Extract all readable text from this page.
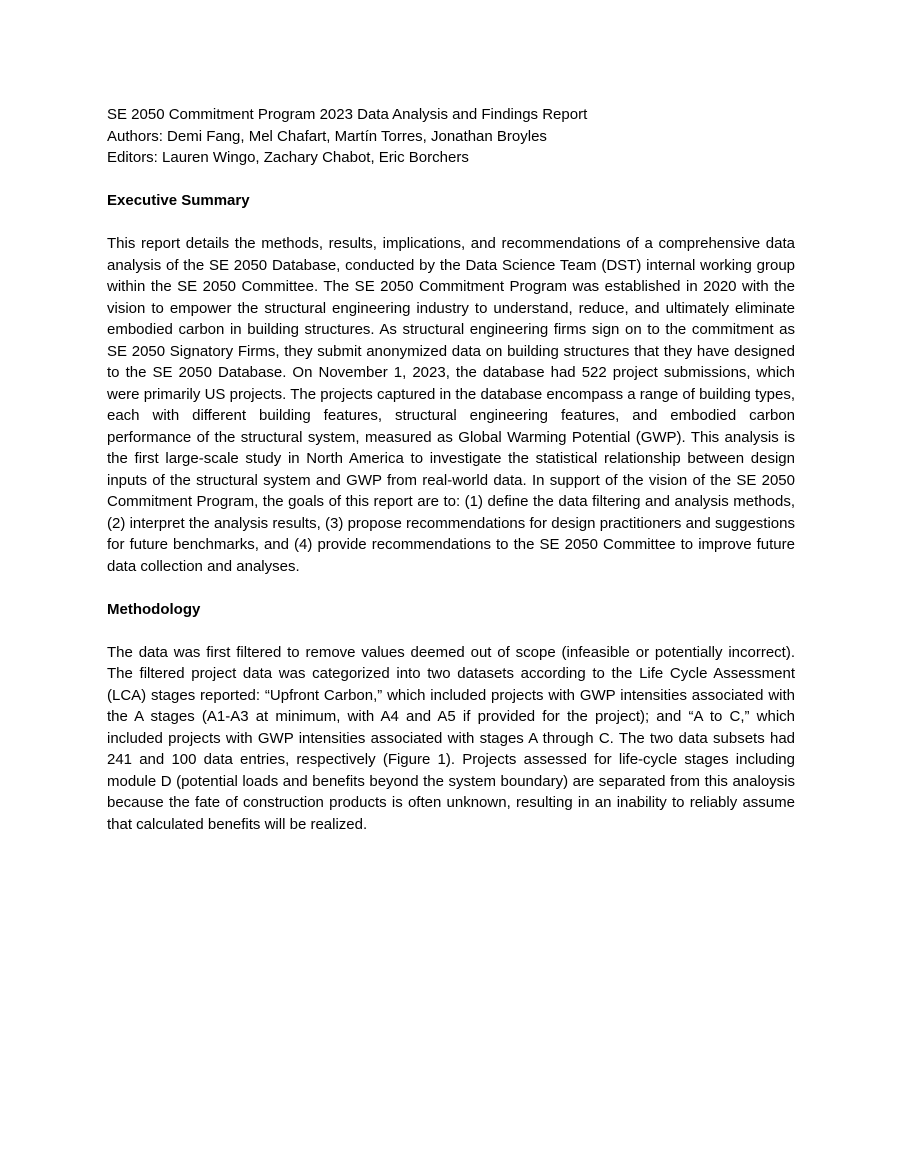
SE 2050 Commitment Program 2023 Data Analysis and Findings Report

Authors: Demi Fang, Mel Chafart, Martín Torres, Jonathan Broyles

Editors: Lauren Wingo, Zachary Chabot, Eric Borchers

Executive Summary

This report details the methods, results, implications, and recommendations of a comprehensive data analysis of the SE 2050 Database, conducted by the Data Science Team (DST) internal working group within the SE 2050 Committee. The SE 2050 Commitment Program was established in 2020 with the vision to empower the structural engineering industry to understand, reduce, and ultimately eliminate embodied carbon in building structures. As structural engineering firms sign on to the commitment as SE 2050 Signatory Firms, they submit anonymized data on building structures that they have designed to the SE 2050 Database. On November 1, 2023, the database had 522 project submissions, which were primarily US projects. The projects captured in the database encompass a range of building types, each with different building features, structural engineering features, and embodied carbon performance of the structural system, measured as Global Warming Potential (GWP). This analysis is the first large-scale study in North America to investigate the statistical relationship between design inputs of the structural system and GWP from real-world data. In support of the vision of the SE 2050 Commitment Program, the goals of this report are to: (1) define the data filtering and analysis methods, (2) interpret the analysis results, (3) propose recommendations for design practitioners and suggestions for future benchmarks, and (4) provide recommendations to the SE 2050 Committee to improve future data collection and analyses.

Methodology

The data was first filtered to remove values deemed out of scope (infeasible or potentially incorrect). The filtered project data was categorized into two datasets according to the Life Cycle Assessment (LCA) stages reported: “Upfront Carbon,” which included projects with GWP intensities associated with the A stages (A1-A3 at minimum, with A4 and A5 if provided for the project); and “A to C,” which included projects with GWP intensities associated with stages A through C. The two data subsets had 241 and 100 data entries, respectively (Figure 1). Projects assessed for life-cycle stages including module D (potential loads and benefits beyond the system boundary) are separated from this analoysis because the fate of construction products is often unknown, resulting in an inability to reliably assume that calculated benefits will be realized.
